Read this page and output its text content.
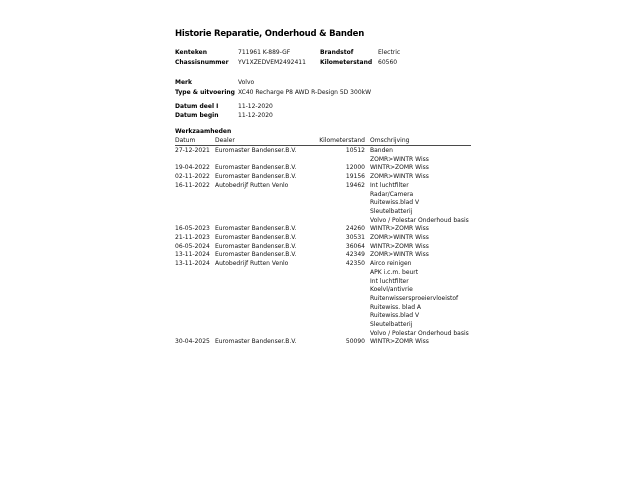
Historie Reparatie, Onderhoud & Banden
Kenteken	711961 K-889-GF	Brandstof	Electric
Chassisnummer YV1XZEDVEM2492411 Kilometerstand 60560
Merk	Volvo
Type & uitvoering XC40 Recharge P8 AWD R-Design 5D 300kW
Datum deel I	11-12-2020
Datum begin	11-12-2020
Werkzaamheden
Datum	Dealer	Kilometerstand Omschrijving
27-12-2021 Euromaster Bandenser.B.V.	10512 Banden
ZOMR>WINTR Wiss
19-04-2022 Euromaster Bandenser.B.V.	12000 WINTR>ZOMR Wiss
02-11-2022 Euromaster Bandenser.B.V.	19156 ZOMR>WINTR Wiss
16-11-2022 Autobedrijf Rutten Venlo	19462 Int luchtfilter
Radar/Camera
Ruitewiss.blad V
Sleutelbatterij
Volvo / Polestar Onderhoud basis
16-05-2023 Euromaster Bandenser.B.V.	24260 WINTR>ZOMR Wiss
21-11-2023 Euromaster Bandenser.B.V.	30531 ZOMR>WINTR Wiss
06-05-2024 Euromaster Bandenser.B.V.	36064 WINTR>ZOMR Wiss
13-11-2024 Euromaster Bandenser.B.V.	42349 ZOMR>WINTR Wiss
13-11-2024 Autobedrijf Rutten Venlo	42350 Airco reinigen
APK i.c.m. beurt
Int luchtfilter
Koelvl/antivrie
Ruitenwissersproeiervloeistof
Ruitewiss. blad A
Ruitewiss.blad V
Sleutelbatterij
Volvo / Polestar Onderhoud basis
30-04-2025 Euromaster Bandenser.B.V.	50090 WINTR>ZOMR Wiss
